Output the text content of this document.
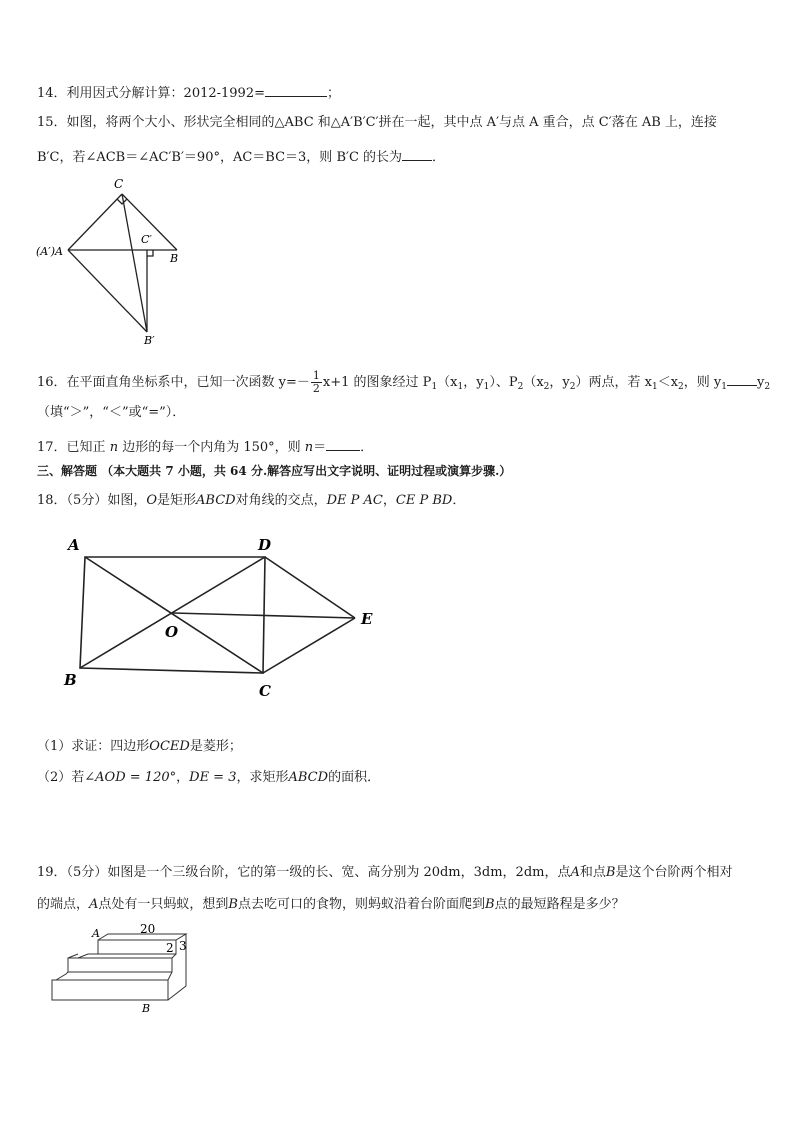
14．利用因式分解计算：2012-1992=	；
15．如图，将两个大小、形状完全相同的△ABC 和△A′B′C′拼在一起，其中点 A′与点 A 重合，点 C′落在 AB 上，连接
B′C，若∠ACB＝∠AC′B′＝90°，AC＝BC＝3，则 B′C 的长为 ．
C
(A′)A
C′
B
B′
16．在平面直角坐标系中，已知一次函数 $y=- \frac{1}{2} x+1$ 的图象经过 $P_1(x_1$，$y_1$）、$P_2(x_2$，$y_2$）两点，若 $x_1<x_2$，则 $y_1$ $y_2$
（填“＞”，“＜”或“=”）．
17．已知正 n 边形的每一个内角为 150°，则 n＝	．
三、解答题 （本大题共 7 小题，共 64 分.解答应写出文字说明、证明过程或演算步骤.）
18．（5分）如图，O是矩形ABCD对角线的交点，DE P AC，CE P BD．
A	D
O
E
B
C
（1）求证：四边形OCED是菱形；
（2）若∠AOD = 120°，DE = 3，求矩形ABCD的面积．
19．（5分）如图是一个三级台阶，它的第一级的长、宽、高分别为 20dm，3dm，2dm，点A和点B是这个台阶两个相对
的端点，A点处有一只蚂蚁，想到B点去吃可口的食物，则蚂蚁沿着台阶面爬到B点的最短路程是多少？
A	20
2 3
B
